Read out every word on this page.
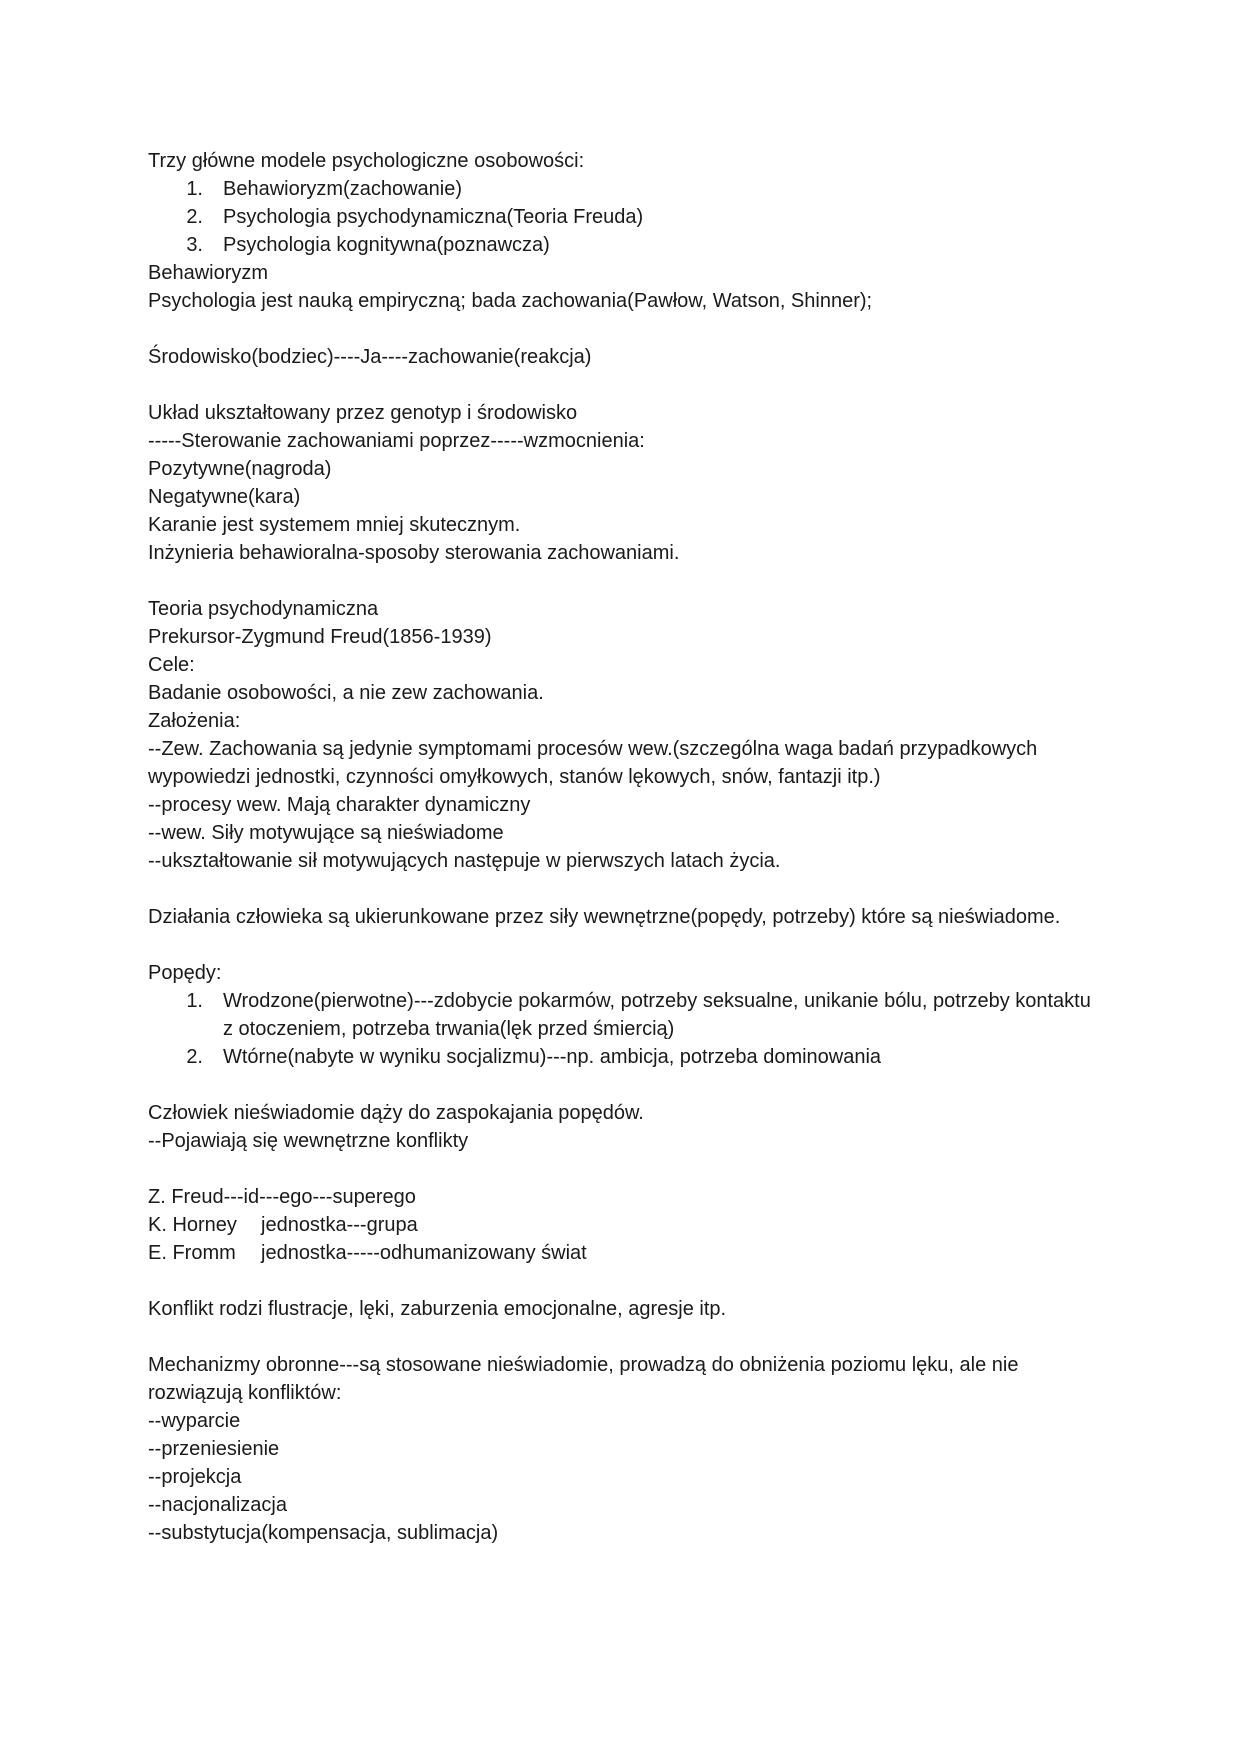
Trzy główne modele psychologiczne osobowości:
1.	Behawioryzm(zachowanie)
2.	Psychologia psychodynamiczna(Teoria Freuda)
3.	Psychologia kognitywna(poznawcza)
Behawioryzm
Psychologia jest nauką empiryczną; bada zachowania(Pawłow, Watson, Shinner);
Środowisko(bodziec)----Ja----zachowanie(reakcja)
Układ ukształtowany przez genotyp i środowisko
-----Sterowanie zachowaniami poprzez-----wzmocnienia:
Pozytywne(nagroda)
Negatywne(kara)
Karanie jest systemem mniej skutecznym.
Inżynieria behawioralna-sposoby sterowania zachowaniami.
Teoria psychodynamiczna
Prekursor-Zygmund Freud(1856-1939)
Cele:
Badanie osobowości, a nie zew zachowania.
Założenia:
--Zew. Zachowania są jedynie symptomami procesów wew.(szczególna waga badań przypadkowych wypowiedzi jednostki, czynności omyłkowych, stanów lękowych, snów, fantazji itp.)
--procesy wew. Mają charakter dynamiczny
--wew. Siły motywujące są nieświadome
--ukształtowanie sił motywujących następuje w pierwszych latach życia.
Działania człowieka są ukierunkowane przez siły wewnętrzne(popędy, potrzeby) które są nieświadome.
Popędy:
1.	Wrodzone(pierwotne)---zdobycie pokarmów, potrzeby seksualne, unikanie bólu, potrzeby kontaktu z otoczeniem, potrzeba trwania(lęk przed śmiercią)
2.	Wtórne(nabyte w wyniku socjalizmu)---np. ambicja, potrzeba dominowania
Człowiek nieświadomie dąży do zaspokajania popędów.
--Pojawiają się wewnętrzne konflikty
Z. Freud---id---ego---superego
K. Horney	jednostka---grupa
E. Fromm	jednostka-----odhumanizowany świat
Konflikt rodzi flustracje, lęki, zaburzenia emocjonalne, agresje itp.
Mechanizmy obronne---są stosowane nieświadomie, prowadzą do obniżenia poziomu lęku, ale nie rozwiązują konfliktów:
--wyparcie
--przeniesienie
--projekcja
--nacjonalizacja
--substytucja(kompensacja, sublimacja)
